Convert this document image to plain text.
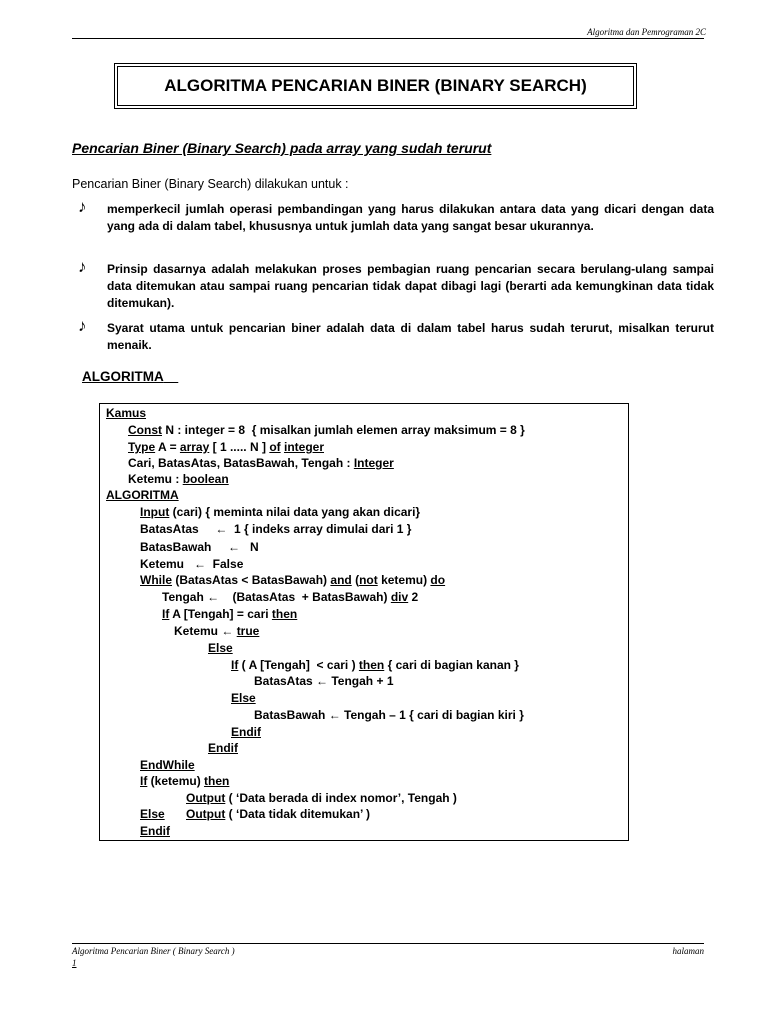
Algoritma dan Pemrograman 2C
ALGORITMA PENCARIAN BINER (BINARY SEARCH)
Pencarian Biner (Binary Search) pada array yang sudah terurut
Pencarian Biner (Binary Search) dilakukan untuk :
♪ memperkecil jumlah operasi pembandingan yang harus dilakukan antara data yang dicari dengan data yang ada di dalam tabel, khususnya untuk jumlah data yang sangat besar ukurannya.
♪ Prinsip dasarnya adalah melakukan proses pembagian ruang pencarian secara berulang-ulang sampai data ditemukan atau sampai ruang pencarian tidak dapat dibagi lagi (berarti ada kemungkinan data tidak ditemukan).
♪ Syarat utama untuk pencarian biner adalah data di dalam tabel harus sudah terurut, misalkan terurut menaik.
ALGORITMA
Kamus
Const N : integer = 8  { misalkan jumlah elemen array maksimum = 8 }
Type A = array [ 1 ..... N ] of integer
Cari, BatasAtas, BatasBawah, Tengah : Integer
Ketemu : boolean
ALGORITMA
Input (cari) { meminta nilai data yang akan dicari}
BatasAtas     ←  1 { indeks array dimulai dari 1 }
BatasBawah     ←   N
Ketemu   ←  False
While (BatasAtas < BatasBawah) and (not ketemu) do
Tengah ←    (BatasAtas  + BatasBawah) div 2
If A [Tengah] = cari then
Ketemu ← true
Else
If ( A [Tengah]  < cari ) then { cari di bagian kanan }
BatasAtas ← Tengah + 1
Else
BatasBawah ← Tengah – 1 { cari di bagian kiri }
Endif
Endif
EndWhile
If (ketemu) then
Output ( ‘Data berada di index nomor’, Tengah )
Else Output ( ‘Data tidak ditemukan’ )
Endif
Algoritma Pencarian Biner ( Binary Search )	halaman
1
